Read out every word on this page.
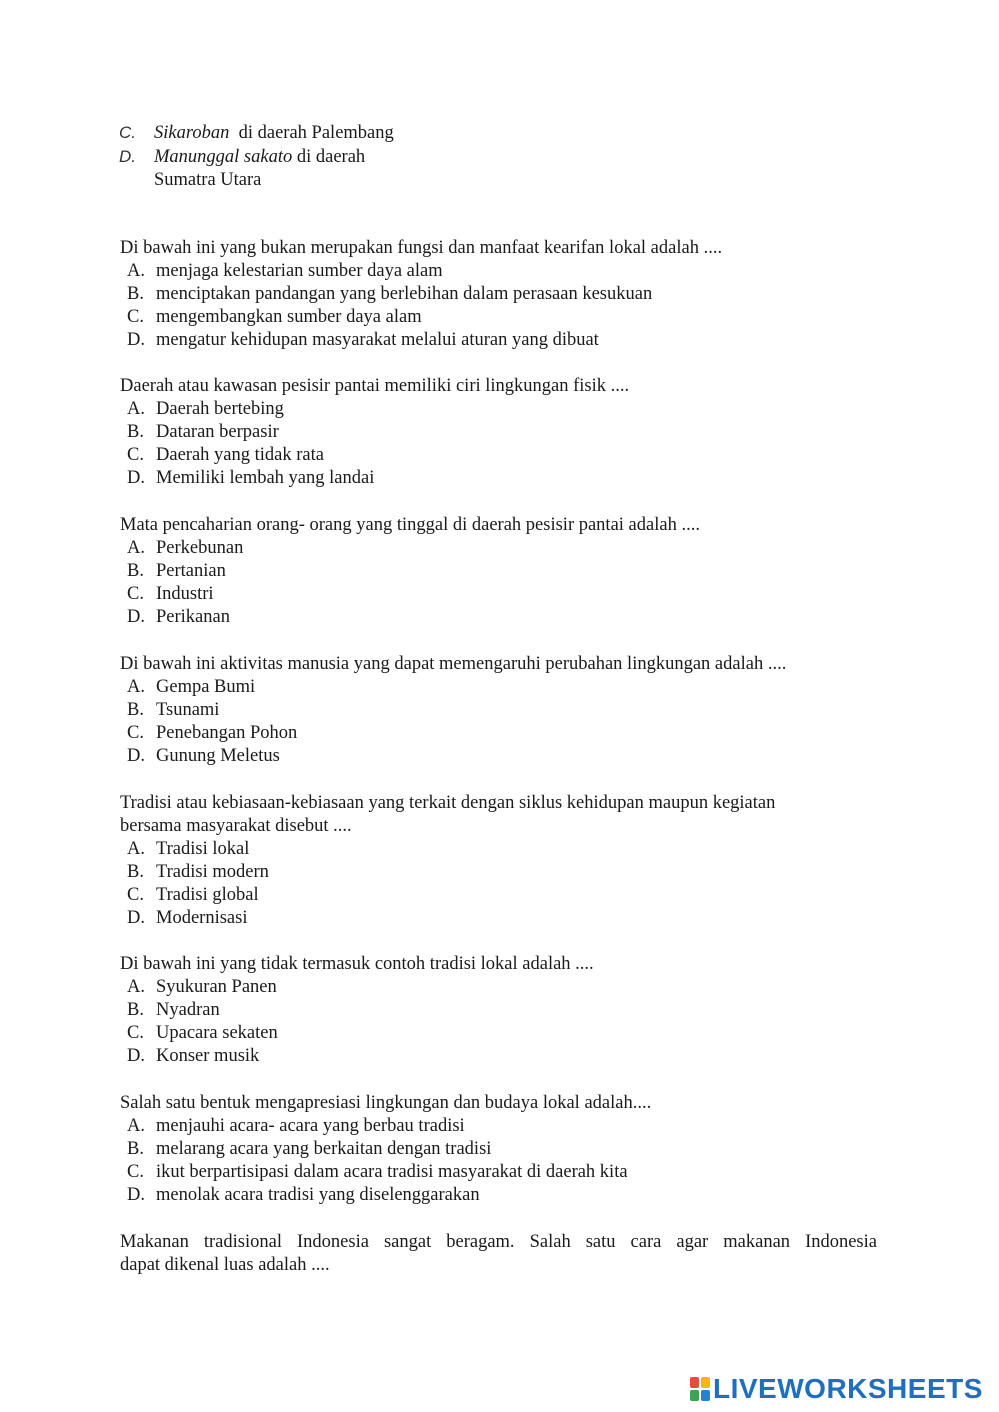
C. Sikaroban  di daerah Palembang
D. Manunggal sakato di daerah
Sumatra Utara
Di bawah ini yang bukan merupakan fungsi dan manfaat kearifan lokal adalah ....
A. menjaga kelestarian sumber daya alam
B. menciptakan pandangan yang berlebihan dalam perasaan kesukuan
C. mengembangkan sumber daya alam
D. mengatur kehidupan masyarakat melalui aturan yang dibuat
Daerah atau kawasan pesisir pantai memiliki ciri lingkungan fisik ....
A. Daerah bertebing
B. Dataran berpasir
C. Daerah yang tidak rata
D. Memiliki lembah yang landai
Mata pencaharian orang- orang yang tinggal di daerah pesisir pantai adalah ....
A. Perkebunan
B. Pertanian
C. Industri
D. Perikanan
Di bawah ini aktivitas manusia yang dapat memengaruhi perubahan lingkungan adalah ....
A. Gempa Bumi
B. Tsunami
C. Penebangan Pohon
D. Gunung Meletus
Tradisi atau kebiasaan-kebiasaan yang terkait dengan siklus kehidupan maupun kegiatan
bersama masyarakat disebut ....
A. Tradisi lokal
B. Tradisi modern
C. Tradisi global
D. Modernisasi
Di bawah ini yang tidak termasuk contoh tradisi lokal adalah ....
A. Syukuran Panen
B. Nyadran
C. Upacara sekaten
D. Konser musik
Salah satu bentuk mengapresiasi lingkungan dan budaya lokal adalah....
A. menjauhi acara- acara yang berbau tradisi
B. melarang acara yang berkaitan dengan tradisi
C. ikut berpartisipasi dalam acara tradisi masyarakat di daerah kita
D. menolak acara tradisi yang diselenggarakan
Makanan tradisional Indonesia sangat beragam. Salah satu cara agar makanan Indonesia
dapat dikenal luas adalah ....
LIVEWORKSHEETS
